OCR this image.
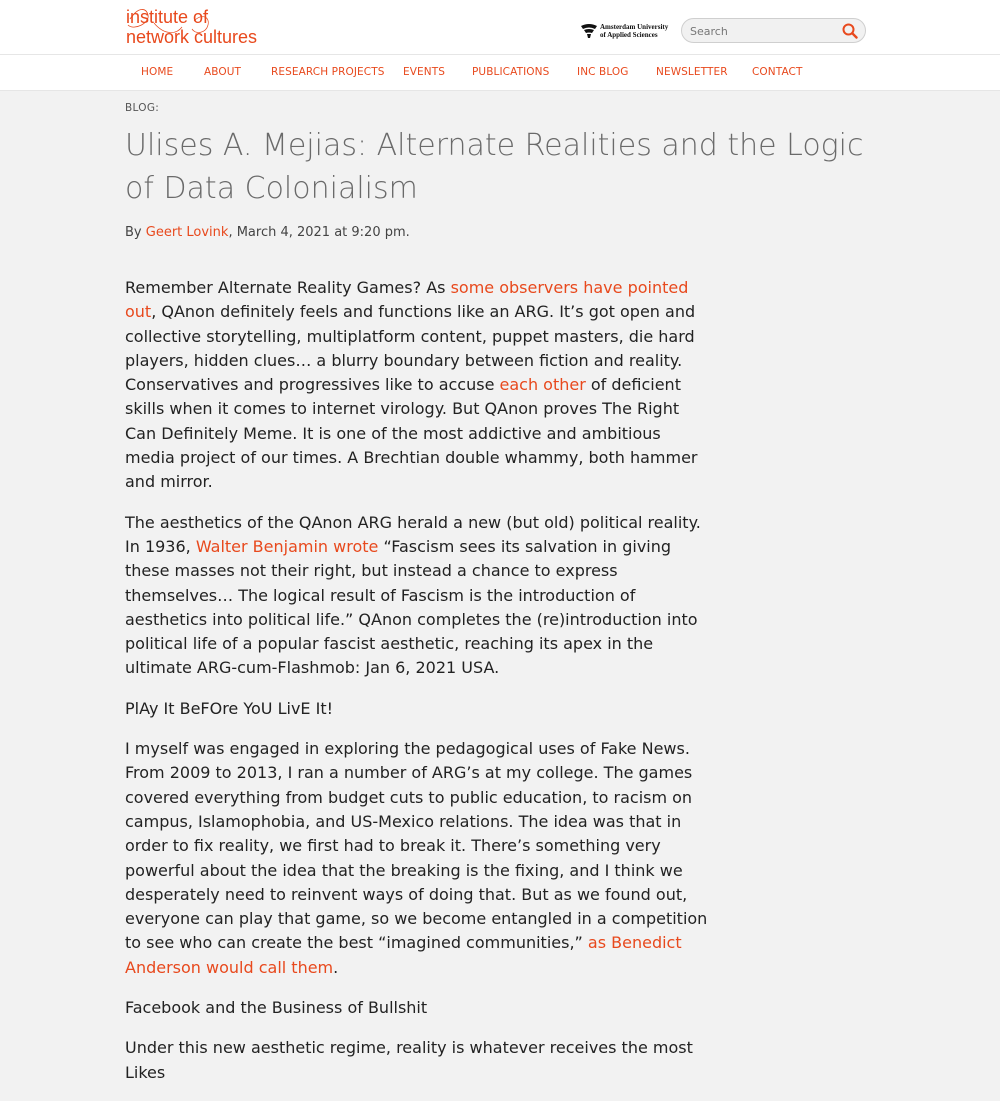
institute of
network cultures	Amsterdam University
of Applied Sciences
Search
HOME	ABOUT	RESEARCH PROJECTS EVENTS	PUBLICATIONS	INC BLOG	NEWSLETTER CONTACT
BLOG:
Ulises A. Mejias: Alternate Realities and the Logic of Data Colonialism
By Geert Lovink, March 4, 2021 at 9:20 pm.

Remember Alternate Reality Games? As some observers have pointed out, QAnon definitely feels and functions like an ARG. It’s got open and collective storytelling, multiplatform content, puppet masters, die hard players, hidden clues… a blurry boundary between fiction and reality. Conservatives and progressives like to accuse each other of deficient skills when it comes to internet virology. But QAnon proves The Right Can Definitely Meme. It is one of the most addictive and ambitious media project of our times. A Brechtian double whammy, both hammer and mirror.

The aesthetics of the QAnon ARG herald a new (but old) political reality. In 1936, Walter Benjamin wrote “Fascism sees its salvation in giving these masses not their right, but instead a chance to express themselves… The logical result of Fascism is the introduction of aesthetics into political life.” QAnon completes the (re)introduction into political life of a popular fascist aesthetic, reaching its apex in the ultimate ARG-cum-Flashmob: Jan 6, 2021 USA.

PlAy It BeFOre YoU LivE It!

I myself was engaged in exploring the pedagogical uses of Fake News. From 2009 to 2013, I ran a number of ARG’s at my college. The games covered everything from budget cuts to public education, to racism on campus, Islamophobia, and US-Mexico relations. The idea was that in order to fix reality, we first had to break it. There’s something very powerful about the idea that the breaking is the fixing, and I think we desperately need to reinvent ways of doing that. But as we found out, everyone can play that game, so we become entangled in a competition to see who can create the best “imagined communities,” as Benedict Anderson would call them.

Facebook and the Business of Bullshit

Under this new aesthetic regime, reality is whatever receives the most Likes
